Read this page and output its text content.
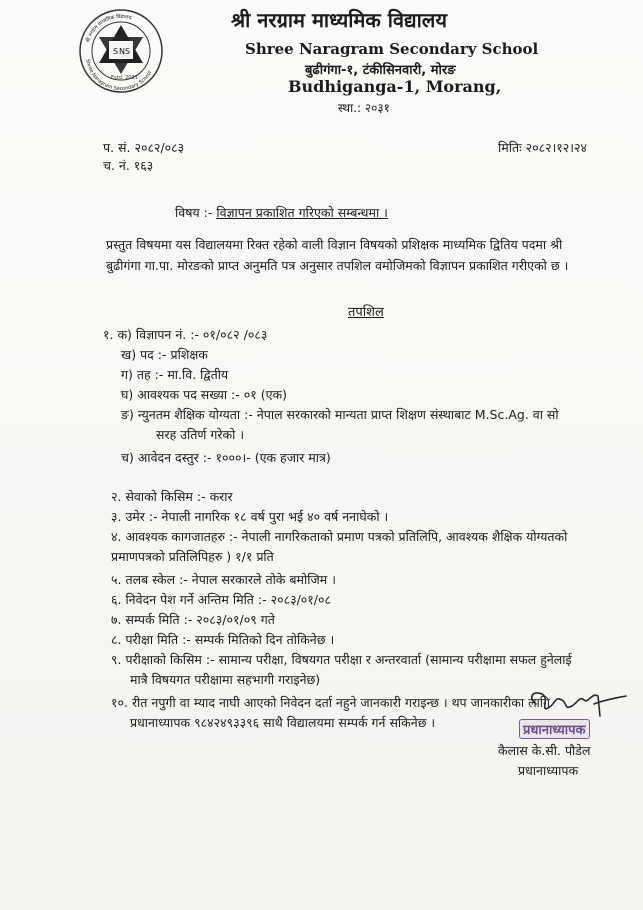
S N S
Estd. 2031
श्री नरग्राम माध्यमिक विद्यालय
Shree Naragram Secondary School
श्री नरग्राम माध्यमिक विद्यालय
Shree Naragram Secondary School
बुढीगंगा-१, टंकीसिनवारी, मोरङ
Budhiganga-1, Morang,
स्था.: २०३१
प. सं. २०८२/०८३
च. नं. १६३
मितिः २०८२।१२।२४
विषय :- विज्ञापन प्रकाशित गरिएको सम्बन्धमा ।
प्रस्तुत विषयमा यस विद्यालयमा रिक्त रहेको वाली विज्ञान विषयको प्रशिक्षक माध्यमिक द्वितिय पदमा श्री
बुढीगंगा गा.पा. मोरङको प्राप्त अनुमति पत्र अनुसार तपशिल वमोजिमको विज्ञापन प्रकाशित गरीएको छ ।
तपशिल
१. क) विज्ञापन नं. :- ०१/०८२ /०८३
ख) पद :- प्रशिक्षक
ग) तह :- मा.वि. द्वितीय
घ) आवश्यक पद सख्या :- ०१ (एक)
ङ) न्युनतम शैक्षिक योग्यता :- नेपाल सरकारको मान्यता प्राप्त शिक्षण संस्थाबाट M.Sc.Ag. वा सो
सरह उतिर्ण गरेको ।
च) आवेदन दस्तुर :- १०००।- (एक हजार मात्र)
२. सेवाको किसिम :- करार
३. उमेर :- नेपाली नागरिक १८ वर्ष पुरा भई ४० वर्ष ननाघेको ।
४. आवश्यक कागजातहरु :- नेपाली नागरिकताको प्रमाण पत्रको प्रतिलिपि, आवश्यक शैक्षिक योग्यतको
प्रमाणपत्रको प्रतिलिपिहरु ) १/१ प्रति
५. तलब स्केल :- नेपाल सरकारले तोके बमोजिम ।
६. निवेदन पेश गर्ने अन्तिम मिति :- २०८३/०१/०८
७. सम्पर्क मिति :- २०८३/०१/०९ गते
८. परीक्षा मिति :- सम्पर्क मितिको दिन तोकिनेछ ।
९. परीक्षाको किसिम :- सामान्य परीक्षा, विषयगत परीक्षा र अन्तरवार्ता (सामान्य परीक्षामा सफल हुनेलाई
मात्रै विषयगत परीक्षामा सहभागी गराइनेछ)
१०. रीत नपुगी वा म्याद नाघी आएको निवेदन दर्ता नहुने जानकारी गराइन्छ । थप जानकारीका लागि
प्रधानाध्यापक ९८४२४९३३९६ साथै विद्यालयमा सम्पर्क गर्न सकिनेछ ।
प्रधानाध्यापक
कैलास के.सी. पौडेल
प्रधानाध्यापक
